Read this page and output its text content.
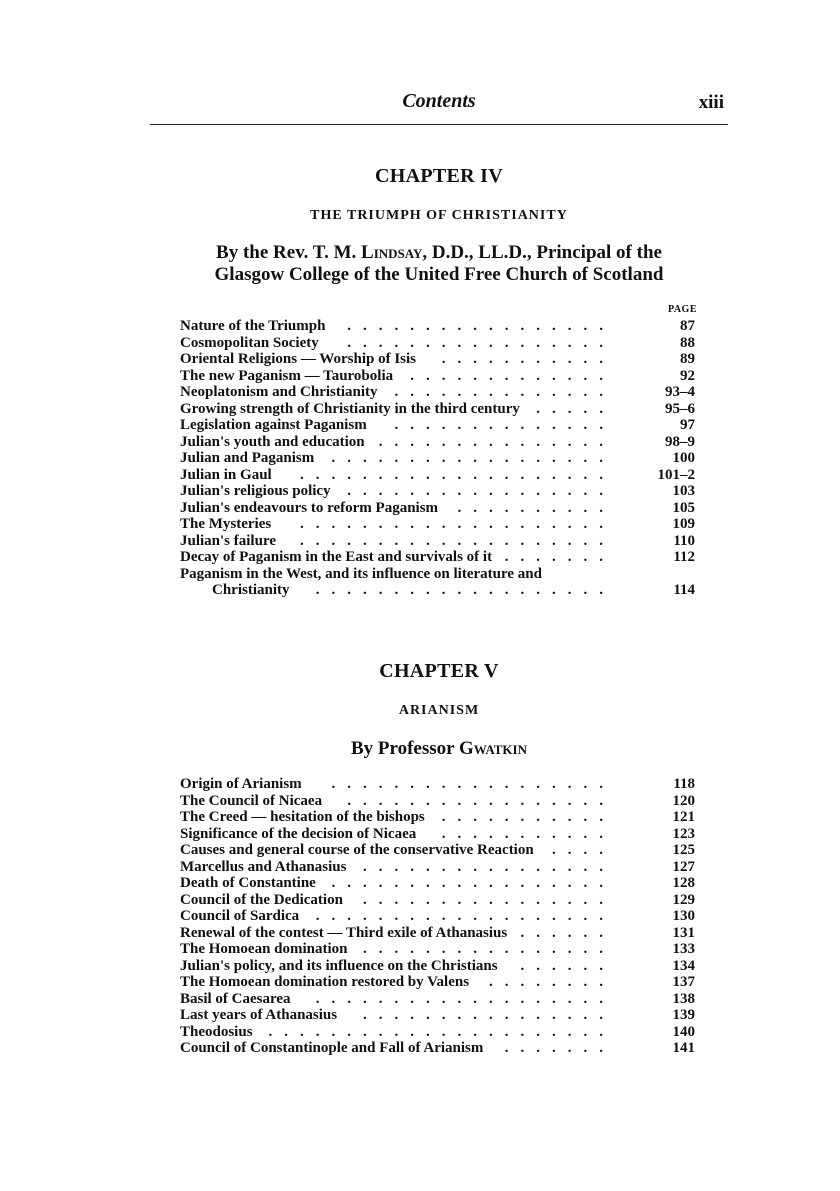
Contents	xiii
CHAPTER IV
THE TRIUMPH OF CHRISTIANITY
By the Rev. T. M. Lindsay, D.D., LL.D., Principal of the
Glasgow College of the United Free Church of Scotland
PAGE
Nature of the Triumph .................	87
Cosmopolitan Society .................	88
Oriental Religions — Worship of Isis ...........	89
The new Paganism — Taurobolia .............	92
Neoplatonism and Christianity ..............	93–4
Growing strength of Christianity in the third century .....	95–6
Legislation against Paganism ..............	97
Julian's youth and education ...............	98–9
Julian and Paganism ..................	100
Julian in Gaul ....................	101–2
Julian's religious policy .................	103
Julian's endeavours to reform Paganism ..........	105
The Mysteries ....................	109
Julian's failure ....................	110
Decay of Paganism in the East and survivals of it .......	112
Paganism in the West, and its influence on literature and
Christianity ...................	114
CHAPTER V
ARIANISM
By Professor Gwatkin
Origin of Arianism ..................	118
The Council of Nicaea .................	120
The Creed — hesitation of the bishops ...........	121
Significance of the decision of Nicaea ...........	123
Causes and general course of the conservative Reaction ....	125
Marcellus and Athanasius ................	127
Death of Constantine ..................	128
Council of the Dedication ................	129
Council of Sardica ...................	130
Renewal of the contest — Third exile of Athanasius ......	131
The Homoean domination ................	133
Julian's policy, and its influence on the Christians ......	134
The Homoean domination restored by Valens ........	137
Basil of Caesarea ...................	138
Last years of Athanasius ................	139
Theodosius ......................	140
Council of Constantinople and Fall of Arianism .......	141
